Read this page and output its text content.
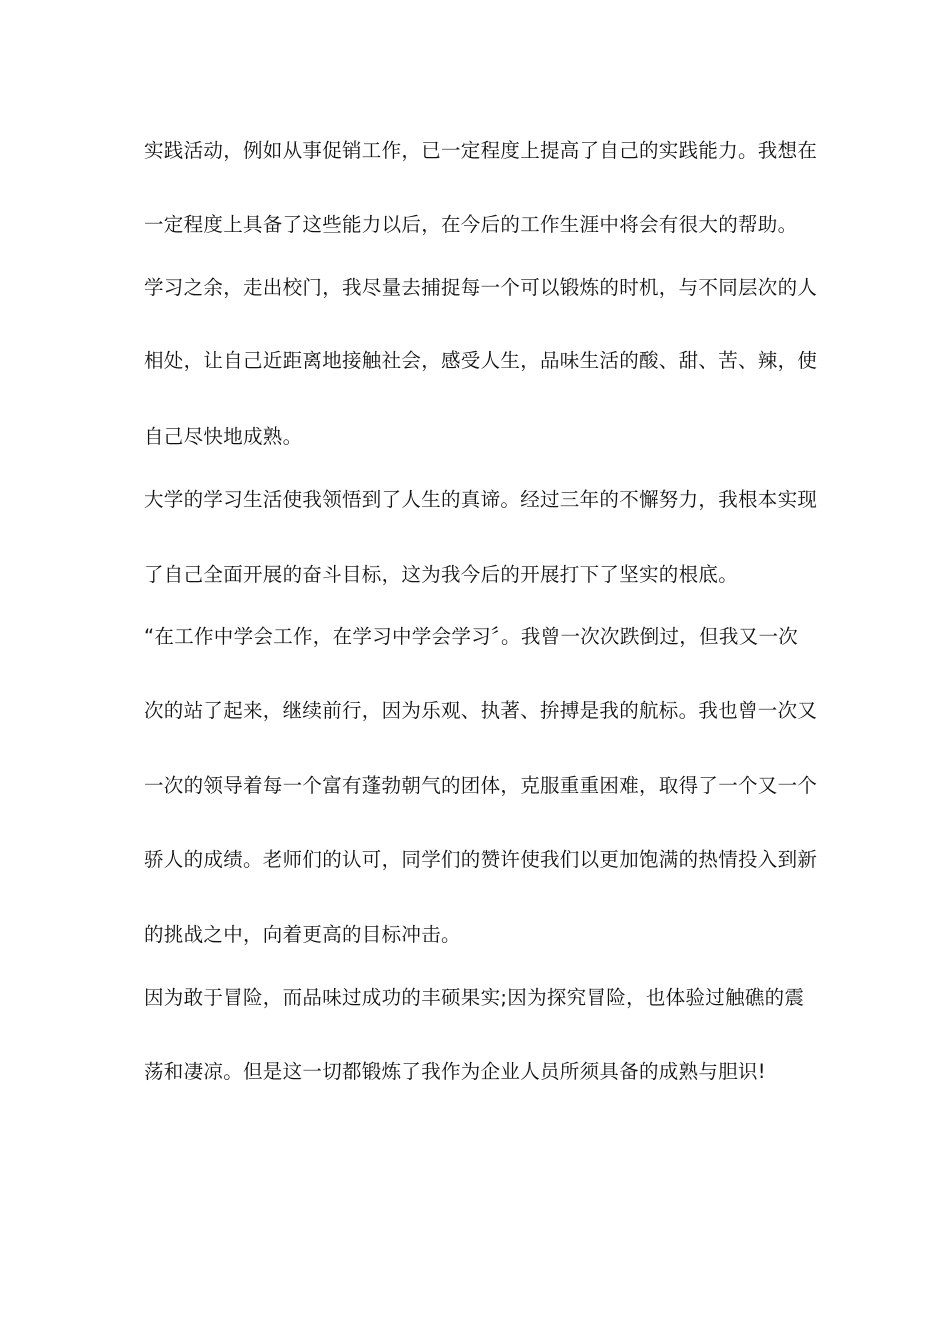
实践活动，例如从事促销工作，已一定程度上提高了自己的实践能力。我想在
一定程度上具备了这些能力以后，在今后的工作生涯中将会有很大的帮助。
学习之余，走出校门，我尽量去捕捉每一个可以锻炼的时机，与不同层次的人
相处，让自己近距离地接触社会，感受人生，品味生活的酸、甜、苦、辣，使
自己尽快地成熟。
大学的学习生活使我领悟到了人生的真谛。经过三年的不懈努力，我根本实现
了自己全面开展的奋斗目标，这为我今后的开展打下了坚实的根底。
“在工作中学会工作，在学习中学会学习〞。我曾一次次跌倒过，但我又一次
次的站了起来，继续前行，因为乐观、执著、拚搏是我的航标。我也曾一次又
一次的领导着每一个富有蓬勃朝气的团体，克服重重困难，取得了一个又一个
骄人的成绩。老师们的认可，同学们的赞许使我们以更加饱满的热情投入到新
的挑战之中，向着更高的目标冲击。
因为敢于冒险，而品味过成功的丰硕果实;因为探究冒险，也体验过触礁的震
荡和凄凉。但是这一切都锻炼了我作为企业人员所须具备的成熟与胆识!
